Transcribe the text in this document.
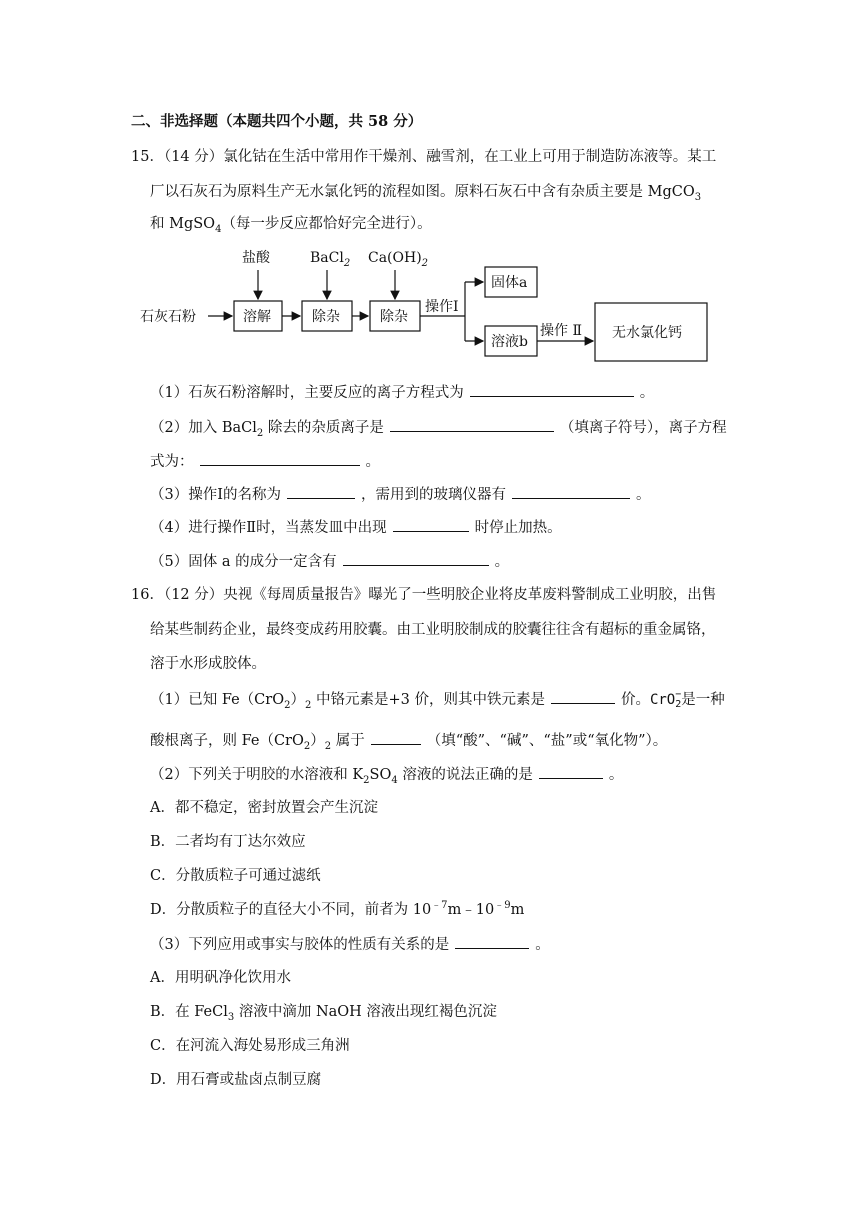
二、非选择题（本题共四个小题，共 58 分）
15．（14 分）氯化钴在生活中常用作干燥剂、融雪剂，在工业上可用于制造防冻液等。某工
厂以石灰石为原料生产无水氯化钙的流程如图。原料石灰石中含有杂质主要是 MgCO$_3$
和 MgSO$_4$（每一步反应都恰好完全进行）。
石灰石粉	溶解
盐酸
除杂
BaCl$_2$
除杂
$Ca(OH)_2$
操作Ⅰ
固体a
溶液b
操作 Ⅱ 无水氯化钙
（1）石灰石粉溶解时，主要反应的离子方程式为	。
（2）加入 BaCl$_2$ 除去的杂质离子是	（填离子符号），离子方程
式为：	。
（3）操作Ⅰ的名称为	，需用到的玻璃仪器有	。
（4）进行操作Ⅱ时，当蒸发皿中出现	时停止加热。
（5）固体 a 的成分一定含有	。
16．（12 分）央视《每周质量报告》曝光了一些明胶企业将皮革废料警制成工业明胶，出售
给某些制药企业，最终变成药用胶囊。由工业明胶制成的胶囊往往含有超标的重金属铬，
溶于水形成胶体。
（1）已知 $Fe(CrO_2)_2$ 中铬元素是+3 价，则其中铁元素是	价。CrO −
2 是一种
酸根离子，则 $Fe(CrO_2)_2$ 属于	（填“酸”、“碱”、“盐”或“氧化物”）。
（2）下列关于明胶的水溶液和 $K_2SO_4$ 溶液的说法正确的是	。
A．都不稳定，密封放置会产生沉淀
B．二者均有丁达尔效应
C．分散质粒子可通过滤纸
D．分散质粒子的直径大小不同，前者为 $10^{﹣7}m﹣10^{﹣9}m$
（3）下列应用或事实与胶体的性质有关系的是	。
A．用明矾净化饮用水
B．在 FeCl$_3$ 溶液中滴加 NaOH 溶液出现红褐色沉淀
C．在河流入海处易形成三角洲
D．用石膏或盐卤点制豆腐
